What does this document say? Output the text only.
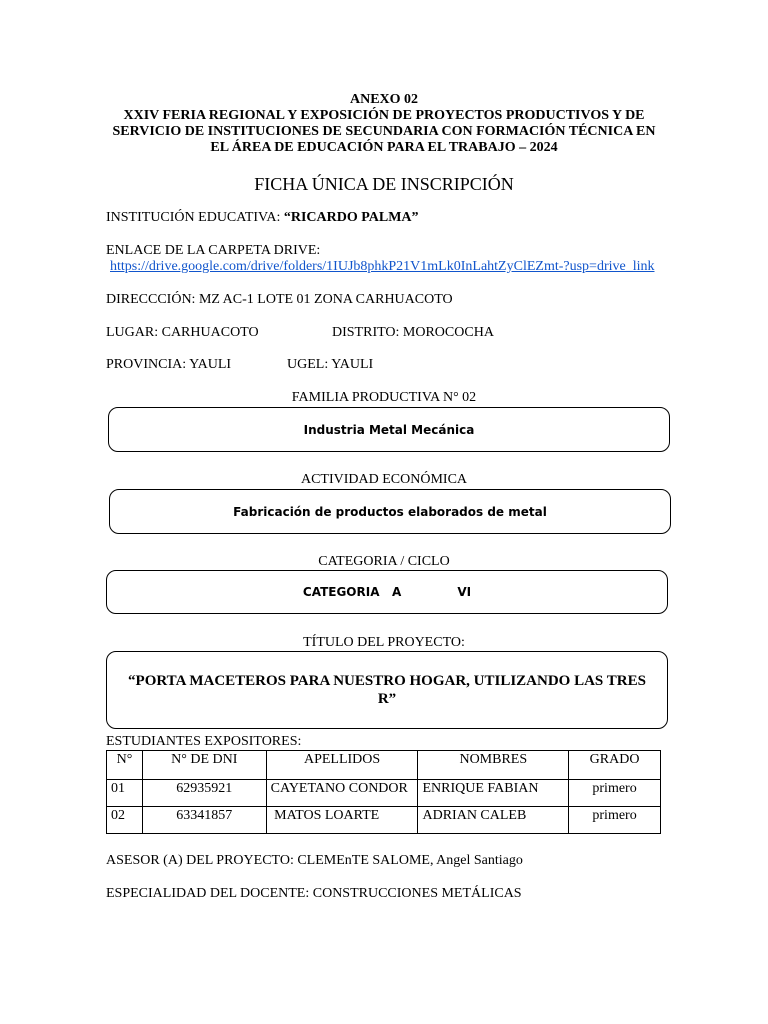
ANEXO 02
XXIV FERIA REGIONAL Y EXPOSICIÓN DE PROYECTOS PRODUCTIVOS Y DE
SERVICIO DE INSTITUCIONES DE SECUNDARIA CON FORMACIÓN TÉCNICA EN
EL ÁREA DE EDUCACIÓN PARA EL TRABAJO – 2024
FICHA ÚNICA DE INSCRIPCIÓN
INSTITUCIÓN EDUCATIVA: “RICARDO PALMA”
ENLACE DE LA CARPETA DRIVE:
https://drive.google.com/drive/folders/1IUJb8phkP21V1mLk0InLahtZyClEZmt-?usp=drive_link
DIRECCCIÓN: MZ AC-1 LOTE 01 ZONA CARHUACOTO
LUGAR: CARHUACOTO	DISTRITO: MOROCOCHA
PROVINCIA: YAULI	UGEL: YAULI
FAMILIA PRODUCTIVA N° 02
Industria Metal Mecánica
ACTIVIDAD ECONÓMICA
Fabricación de productos elaborados de metal
CATEGORIA / CICLO
CATEGORIA   A	VI
TÍTULO DEL PROYECTO:
“PORTA MACETEROS PARA NUESTRO HOGAR, UTILIZANDO LAS TRES R”
ESTUDIANTES EXPOSITORES:
N°	N° DE DNI	APELLIDOS	NOMBRES	GRADO
01	62935921	CAYETANO CONDOR	ENRIQUE FABIAN	primero
02	63341857	MATOS LOARTE	ADRIAN CALEB	primero
ASESOR (A) DEL PROYECTO: CLEMEnTE SALOME, Angel Santiago
ESPECIALIDAD DEL DOCENTE: CONSTRUCCIONES METÁLICAS
